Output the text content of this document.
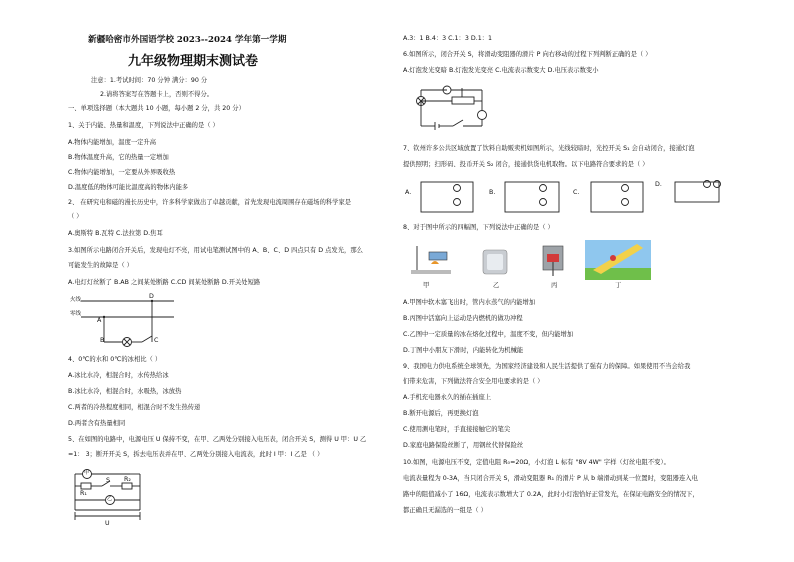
新疆哈密市外国语学校 2023--2024 学年第一学期
九年级物理期末测试卷
注意：1.考试时间：70 分钟 满分：90 分
2.请将答案写在答题卡上，否则不得分。
一、单项选择题（本大题共 10 小题，每小题 2 分，共 20 分）
1、关于内能、热量和温度，下列说法中正确的是（ ）
A.物体内能增加，温度一定升高
B.物体温度升高，它的热量一定增加
C.物体内能增加，一定要从外界吸收热
D.温度低的物体可能比温度高的物体内能多
2、 在研究电和磁的漫长历史中，许多科学家做出了卓越贡献，首先发现电流周围存在磁场的科学家是
（ ）
A.奥斯特 B.瓦特 C.法拉第 D.焦耳
3.如图所示电路闭合开关后，发现电灯不亮，用试电笔测试图中的 A、B、C、D 四点只有 D 点发光，那么
可能发生的故障是（ ）
A.电灯灯丝断了 B.AB 之间某处断路 C.CD 间某处断路 D.开关处短路
火线
零线
A
B	C
D
4、0℃的水和 0℃的冰相比（ ）
A.冰比水冷，相混合时，水传热给冰
B.冰比水冷，相混合时，水吸热，冰放热
C.两者的冷热程度相同，相混合时不发生热传递
D.两者含有热量相同
5、在如图的电路中，电源电压 U 保持不变，在甲、乙两处分别接入电压表，闭合开关 S，测得 U 甲：U 乙
=1： 3；断开开关 S，拆去电压表并在甲、乙两处分别接入电流表，此时 I 甲：I 乙是 （ ）
甲
R₁
R₂
S
乙
U
A.3：1 B.4：3 C.1：3 D.1：1
6.如图所示，闭合开关 S，将滑动变阻器的滑片 P 向右移动的过程下列判断正确的是（ ）
A.灯泡发光变暗 B.灯泡发光变亮 C.电流表示数变大 D.电压表示数变小
7、钦州许多公共区域放置了饮料自助贩卖机如图所示，光线较暗时，光控开关 S₁ 会自动闭合，接通灯泡
提供照明；扫形码、投币开关 S₂ 闭合，接通供货电机取物。以下电路符合要求的是（ ）
A.	B.	C.
D.
8、对于图中所示的四幅图，下列说法中正确的是（ ）
甲	乙	丙	丁
A.甲图中软木塞飞出时，管内水蒸气的内能增加
B.丙图中活塞向上运动是内燃机的做功冲程
C.乙图中一定质量的冰在熔化过程中，温度不变，但内能增加
D.丁图中小朋友下滑时，内能转化为机械能
9、我国电力供电系统全球领先，为国家经济建设和人民生活提供了强有力的保障。如果使用不当会给我
们带来危害，下列做法符合安全用电要求的是（ ）
A.手机充电器永久的插在插座上
B.断开电源后，再更换灯泡
C.使用测电笔时，手直接接触它的笔尖
D.家庭电路保险丝断了，用钢丝代替保险丝
10.如图，电源电压不变，定值电阻 R₀=20Ω，小灯泡 L 标有 "8V 4W" 字样（灯丝电阻不变）。
电流表量程为 0-3A，当只闭合开关 S，滑动变阻器 R₁ 的滑片 P 从 b 端滑动到某一位置时，变阻器连入电
路中的阻值减小了 16Ω，电流表示数增大了 0.2A，此时小灯泡恰好正常发光，在保证电路安全的情况下，
都正确且无漏选的一组是（ ）
